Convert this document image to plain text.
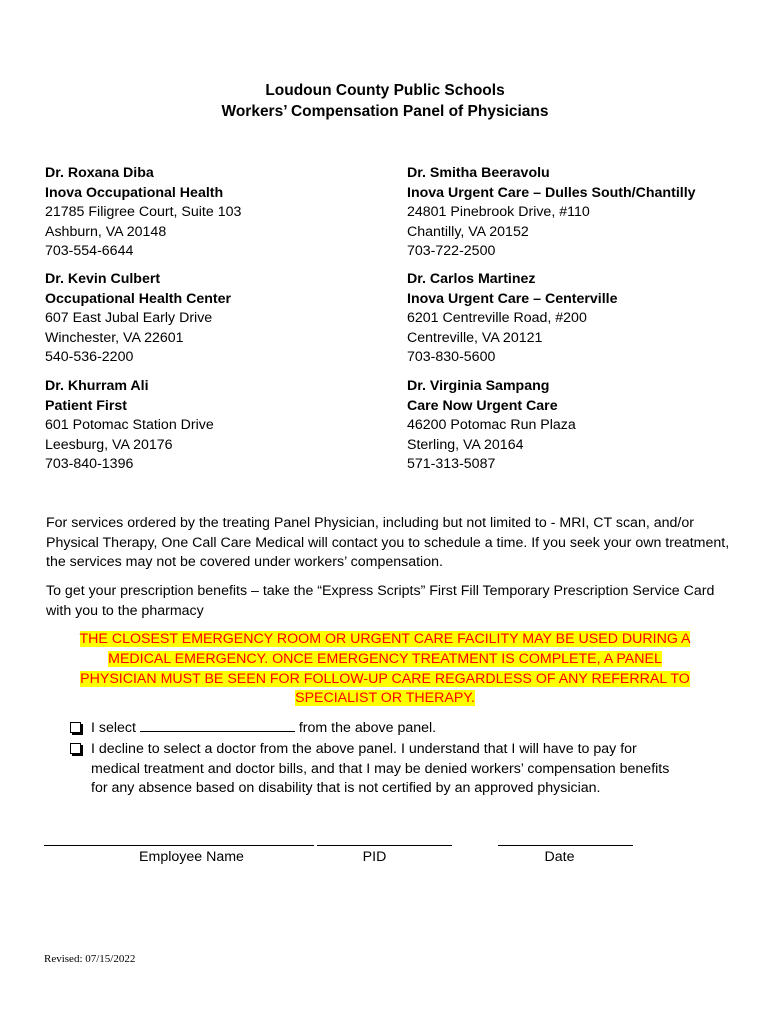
Loudoun County Public Schools
Workers’ Compensation Panel of Physicians
Dr. Roxana Diba
Inova Occupational Health
21785 Filigree Court, Suite 103
Ashburn, VA 20148
703-554-6644
Dr. Smitha Beeravolu
Inova Urgent Care – Dulles South/Chantilly
24801 Pinebrook Drive, #110
Chantilly, VA 20152
703-722-2500
Dr. Kevin Culbert
Occupational Health Center
607 East Jubal Early Drive
Winchester, VA 22601
540-536-2200
Dr. Carlos Martinez
Inova Urgent Care – Centerville
6201 Centreville Road, #200
Centreville, VA 20121
703-830-5600
Dr. Khurram Ali
Patient First
601 Potomac Station Drive
Leesburg, VA 20176
703-840-1396
Dr. Virginia Sampang
Care Now Urgent Care
46200 Potomac Run Plaza
Sterling, VA 20164
571-313-5087
For services ordered by the treating Panel Physician, including but not limited to - MRI, CT scan, and/or Physical Therapy, One Call Care Medical will contact you to schedule a time. If you seek your own treatment, the services may not be covered under workers’ compensation.
To get your prescription benefits – take the “Express Scripts” First Fill Temporary Prescription Service Card with you to the pharmacy
THE CLOSEST EMERGENCY ROOM OR URGENT CARE FACILITY MAY BE USED DURING A
MEDICAL EMERGENCY. ONCE EMERGENCY TREATMENT IS COMPLETE, A PANEL
PHYSICIAN MUST BE SEEN FOR FOLLOW-UP CARE REGARDLESS OF ANY REFERRAL TO
SPECIALIST OR THERAPY.
I select	from the above panel.
I decline to select a doctor from the above panel. I understand that I will have to pay for
medical treatment and doctor bills, and that I may be denied workers’ compensation benefits
for any absence based on disability that is not certified by an approved physician.
Employee Name	PID	Date
Revised: 07/15/2022
